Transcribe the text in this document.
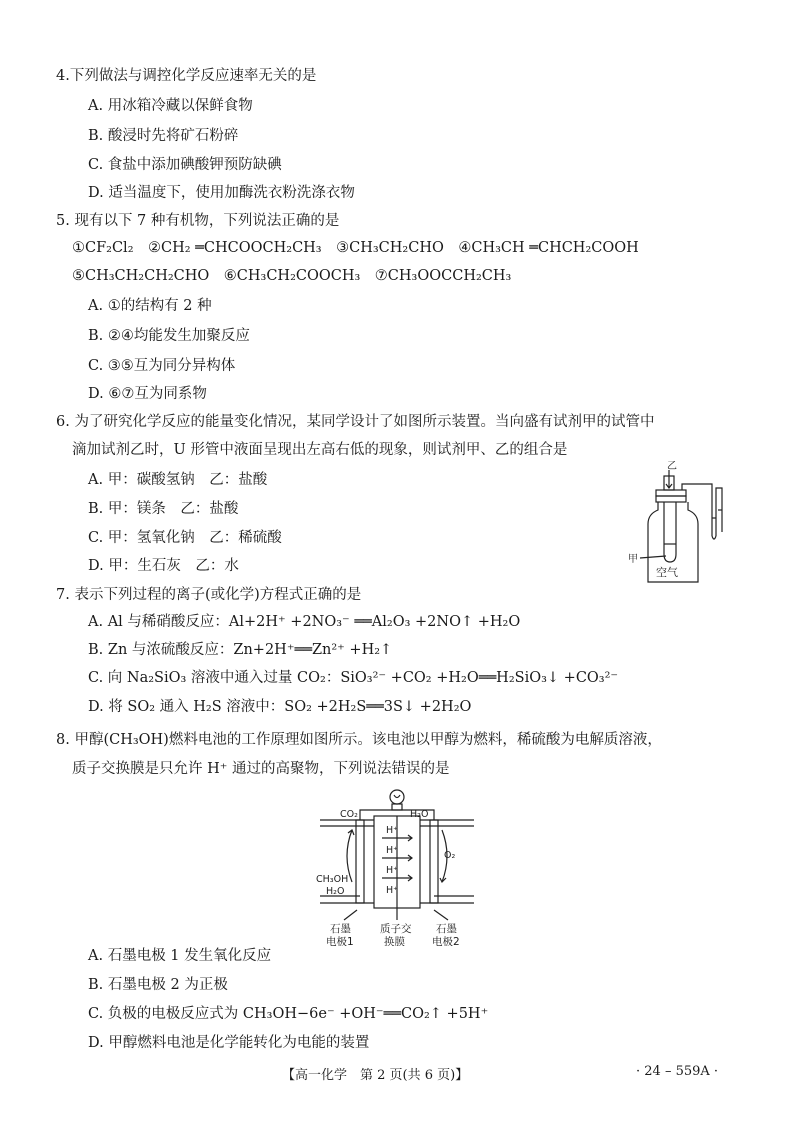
4.下列做法与调控化学反应速率无关的是
A. 用冰箱冷藏以保鲜食物
B. 酸浸时先将矿石粉碎
C. 食盐中添加碘酸钾预防缺碘
D. 适当温度下，使用加酶洗衣粉洗涤衣物
5. 现有以下 7 种有机物，下列说法正确的是
①CF₂Cl₂　②CH₂ ═CHCOOCH₂CH₃　③CH₃CH₂CHO　④CH₃CH ═CHCH₂COOH
⑤CH₃CH₂CH₂CHO　⑥CH₃CH₂COOCH₃　⑦CH₃OOCCH₂CH₃
A. ①的结构有 2 种
B. ②④均能发生加聚反应
C. ③⑤互为同分异构体
D. ⑥⑦互为同系物
6. 为了研究化学反应的能量变化情况，某同学设计了如图所示装置。当向盛有试剂甲的试管中
滴加试剂乙时，U 形管中液面呈现出左高右低的现象，则试剂甲、乙的组合是
A. 甲：碳酸氢钠　乙：盐酸
B. 甲：镁条　乙：盐酸
C. 甲：氢氧化钠　乙：稀硫酸
D. 甲：生石灰　乙：水
乙
甲
空气
7. 表示下列过程的离子(或化学)方程式正确的是
A. Al 与稀硝酸反应：Al+2H⁺ +2NO₃⁻ ══Al₂O₃ +2NO↑ +H₂O
B. Zn 与浓硫酸反应：Zn+2H⁺══Zn²⁺ +H₂↑
C. 向 Na₂SiO₃ 溶液中通入过量 CO₂：SiO₃²⁻ +CO₂ +H₂O══H₂SiO₃↓ +CO₃²⁻
D. 将 SO₂ 通入 H₂S 溶液中：SO₂ +2H₂S══3S↓ +2H₂O
8. 甲醇(CH₃OH)燃料电池的工作原理如图所示。该电池以甲醇为燃料，稀硫酸为电解质溶液，
质子交换膜是只允许 H⁺ 通过的高聚物，下列说法错误的是
CO₂	H₂O
CH₃OH
H₂O
O₂
H⁺
H⁺
H⁺
H⁺
石墨
电极1
质子交
换膜
石墨
电极2
A. 石墨电极 1 发生氧化反应
B. 石墨电极 2 为正极
C. 负极的电极反应式为 CH₃OH−6e⁻ +OH⁻══CO₂↑ +5H⁺
D. 甲醇燃料电池是化学能转化为电能的装置
【高一化学　第 2 页(共 6 页)】	· 24 – 559A ·
